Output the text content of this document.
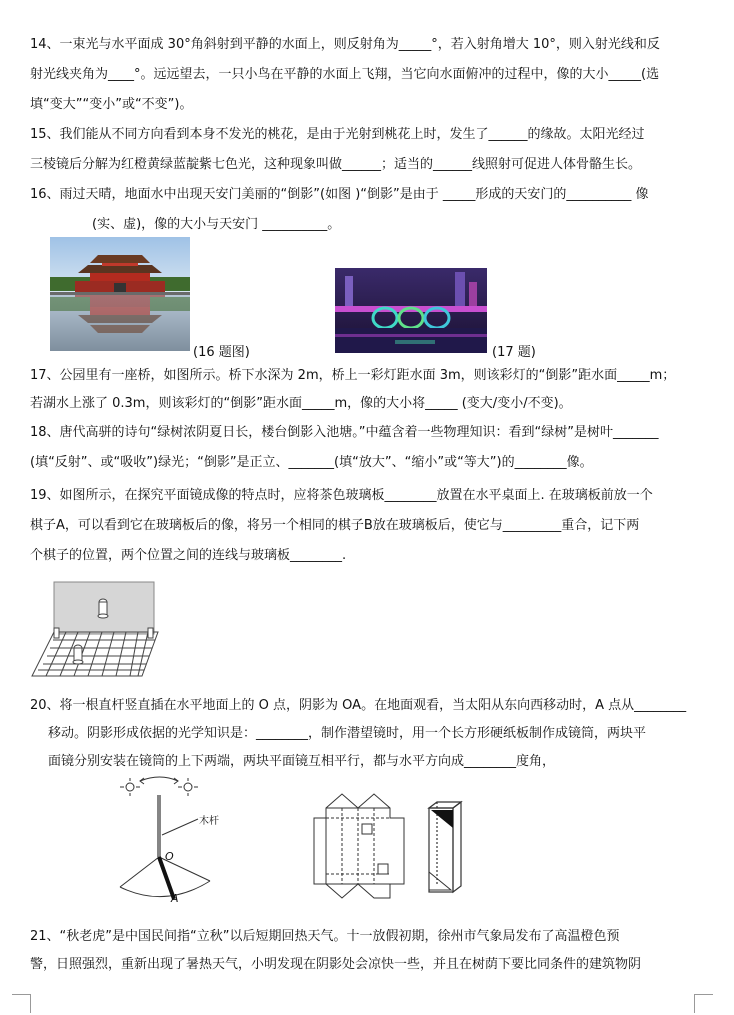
14、一束光与水平面成 30°角斜射到平静的水面上，则反射角为_____°，若入射角增大 10°，则入射光线和反
射光线夹角为____°。远远望去，一只小鸟在平静的水面上飞翔，当它向水面俯冲的过程中，像的大小_____(选
填“变大”“变小”或“不变”)。
15、我们能从不同方向看到本身不发光的桃花，是由于光射到桃花上时，发生了______的缘故。太阳光经过
三棱镜后分解为红橙黄绿蓝靛紫七色光，这种现象叫做______；适当的______线照射可促进人体骨骼生长。
16、雨过天晴，地面水中出现天安门美丽的“倒影”(如图 )“倒影”是由于 _____形成的天安门的__________ 像
(实、虚)，像的大小与天安门 __________。
(16 题图)	(17 题)
17、公园里有一座桥，如图所示。桥下水深为 2m，桥上一彩灯距水面 3m，则该彩灯的“倒影”距水面_____m；
若湖水上涨了 0.3m，则该彩灯的“倒影”距水面_____m，像的大小将_____ (变大/变小/不变)。
18、唐代高骈的诗句“绿树浓阴夏日长，楼台倒影入池塘。”中蕴含着一些物理知识：看到“绿树”是树叶_______
(填“反射”、或“吸收”)绿光；“倒影”是正立、_______(填“放大”、“缩小”或“等大”)的________像。
19、如图所示，在探究平面镜成像的特点时，应将茶色玻璃板________放置在水平桌面上. 在玻璃板前放一个
棋子A，可以看到它在玻璃板后的像，将另一个相同的棋子B放在玻璃板后，使它与_________重合，记下两
个棋子的位置，两个位置之间的连线与玻璃板________.
20、将一根直杆竖直插在水平地面上的 O 点，阴影为 OA。在地面观看，当太阳从东向西移动时，A 点从________
移动。阴影形成依据的光学知识是：________，制作潜望镜时，用一个长方形硬纸板制作成镜筒，两块平
面镜分别安装在镜筒的上下两端，两块平面镜互相平行，都与水平方向成________度角，
木杆
O
A
21、“秋老虎”是中国民间指“立秋”以后短期回热天气。十一放假初期，徐州市气象局发布了高温橙色预
警，日照强烈，重新出现了暑热天气，小明发现在阴影处会凉快一些，并且在树荫下要比同条件的建筑物阴
